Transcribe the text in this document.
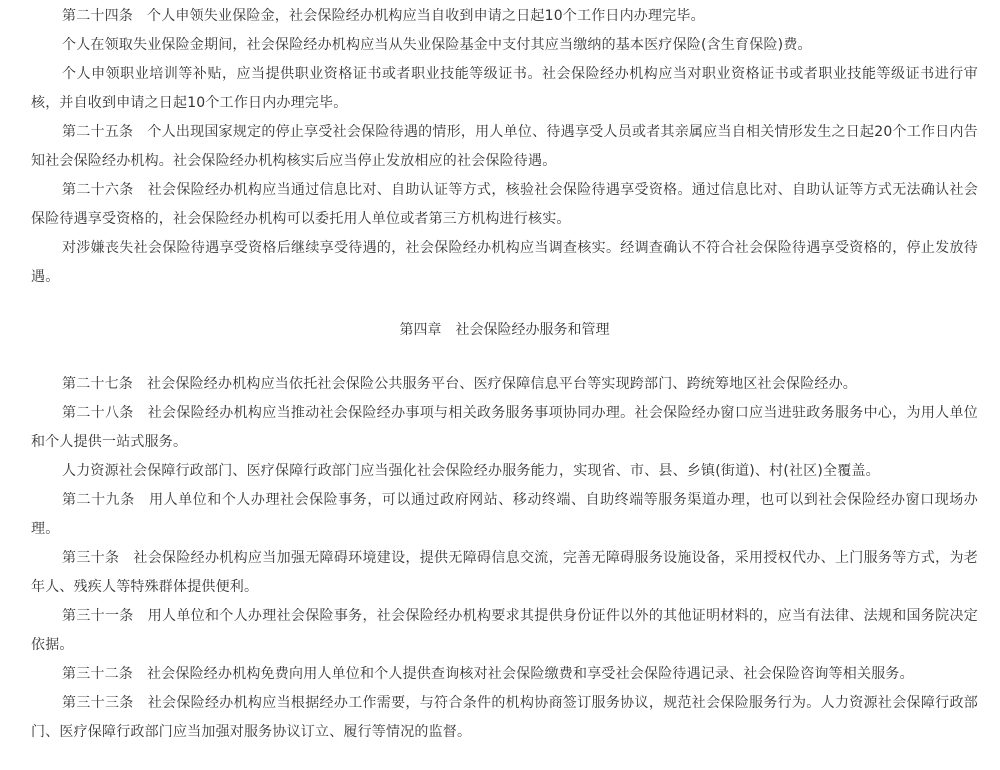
第二十四条 个人申领失业保险金，社会保险经办机构应当自收到申请之日起10个工作日内办理完毕。

个人在领取失业保险金期间，社会保险经办机构应当从失业保险基金中支付其应当缴纳的基本医疗保险(含生育保险)费。

个人申领职业培训等补贴，应当提供职业资格证书或者职业技能等级证书。社会保险经办机构应当对职业资格证书或者职业技能等级证书进行审核，并自收到申请之日起10个工作日内办理完毕。

第二十五条 个人出现国家规定的停止享受社会保险待遇的情形，用人单位、待遇享受人员或者其亲属应当自相关情形发生之日起20个工作日内告知社会保险经办机构。社会保险经办机构核实后应当停止发放相应的社会保险待遇。

第二十六条 社会保险经办机构应当通过信息比对、自助认证等方式，核验社会保险待遇享受资格。通过信息比对、自助认证等方式无法确认社会保险待遇享受资格的，社会保险经办机构可以委托用人单位或者第三方机构进行核实。

对涉嫌丧失社会保险待遇享受资格后继续享受待遇的，社会保险经办机构应当调查核实。经调查确认不符合社会保险待遇享受资格的，停止发放待遇。

第四章 社会保险经办服务和管理

第二十七条 社会保险经办机构应当依托社会保险公共服务平台、医疗保障信息平台等实现跨部门、跨统筹地区社会保险经办。

第二十八条 社会保险经办机构应当推动社会保险经办事项与相关政务服务事项协同办理。社会保险经办窗口应当进驻政务服务中心，为用人单位和个人提供一站式服务。

人力资源社会保障行政部门、医疗保障行政部门应当强化社会保险经办服务能力，实现省、市、县、乡镇(街道)、村(社区)全覆盖。

第二十九条 用人单位和个人办理社会保险事务，可以通过政府网站、移动终端、自助终端等服务渠道办理，也可以到社会保险经办窗口现场办理。

第三十条 社会保险经办机构应当加强无障碍环境建设，提供无障碍信息交流，完善无障碍服务设施设备，采用授权代办、上门服务等方式，为老年人、残疾人等特殊群体提供便利。

第三十一条 用人单位和个人办理社会保险事务，社会保险经办机构要求其提供身份证件以外的其他证明材料的，应当有法律、法规和国务院决定依据。

第三十二条 社会保险经办机构免费向用人单位和个人提供查询核对社会保险缴费和享受社会保险待遇记录、社会保险咨询等相关服务。

第三十三条 社会保险经办机构应当根据经办工作需要，与符合条件的机构协商签订服务协议，规范社会保险服务行为。人力资源社会保障行政部门、医疗保障行政部门应当加强对服务协议订立、履行等情况的监督。
